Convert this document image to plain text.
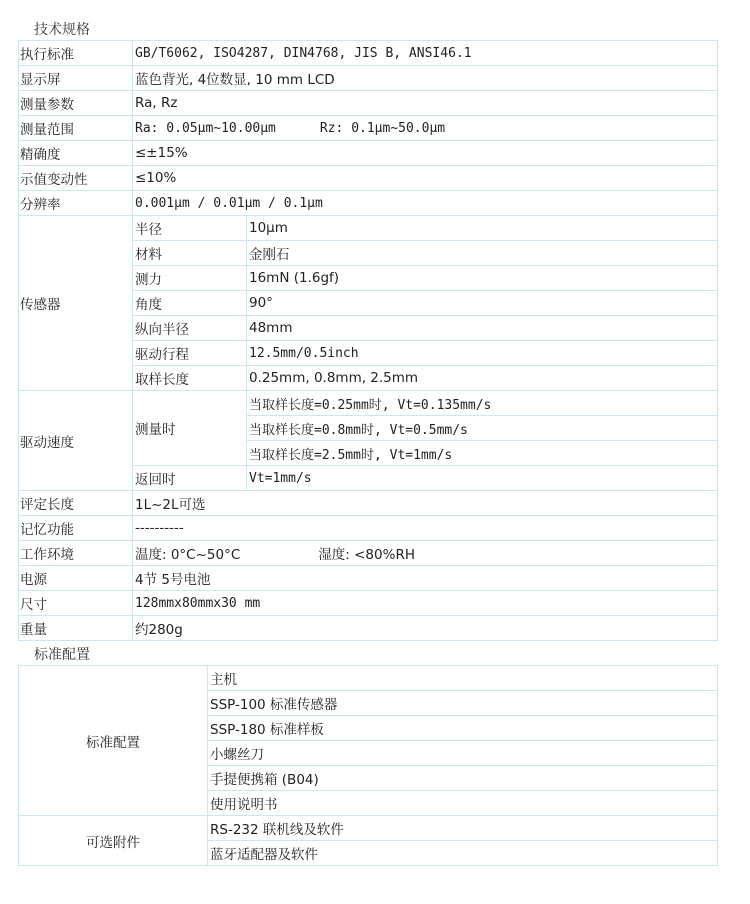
技术规格
执行标准	GB/T6062, ISO4287, DIN4768, JIS B, ANSI46.1	
显示屏	蓝色背光, 4位数显, 10 mm LCD	
测量参数	Ra, Rz	
测量范围	Ra: 0.05μm~10.00μm Rz: 0.1μm~50.0μm	
精确度	≤±15%	
示值变动性	≤10%	
分辨率	0.001μm / 0.01μm / 0.1μm	
传感器	半径	10μm
	材料	金刚石
	测力	16mN (1.6gf)
	角度	90°
	纵向半径	48mm
	驱动行程	12.5mm/0.5inch
	取样长度	0.25mm, 0.8mm, 2.5mm
驱动速度	测量时	当取样长度=0.25mm时, Vt=0.135mm/s
		当取样长度=0.8mm时, Vt=0.5mm/s
		当取样长度=2.5mm时, Vt=1mm/s
	返回时	Vt=1mm/s
评定长度	1L~2L可选	
记忆功能	----------	
工作环境	温度: 0°C~50°C 湿度: <80%RH	
电源	4节 5号电池	
尺寸	128mmx80mmx30 mm	
重量	约280g	
标准配置
标准配置	主机
	SSP-100 标准传感器
	SSP-180 标准样板
	小螺丝刀
	手提便携箱 (B04)
	使用说明书
可选附件	RS-232 联机线及软件
	蓝牙适配器及软件
